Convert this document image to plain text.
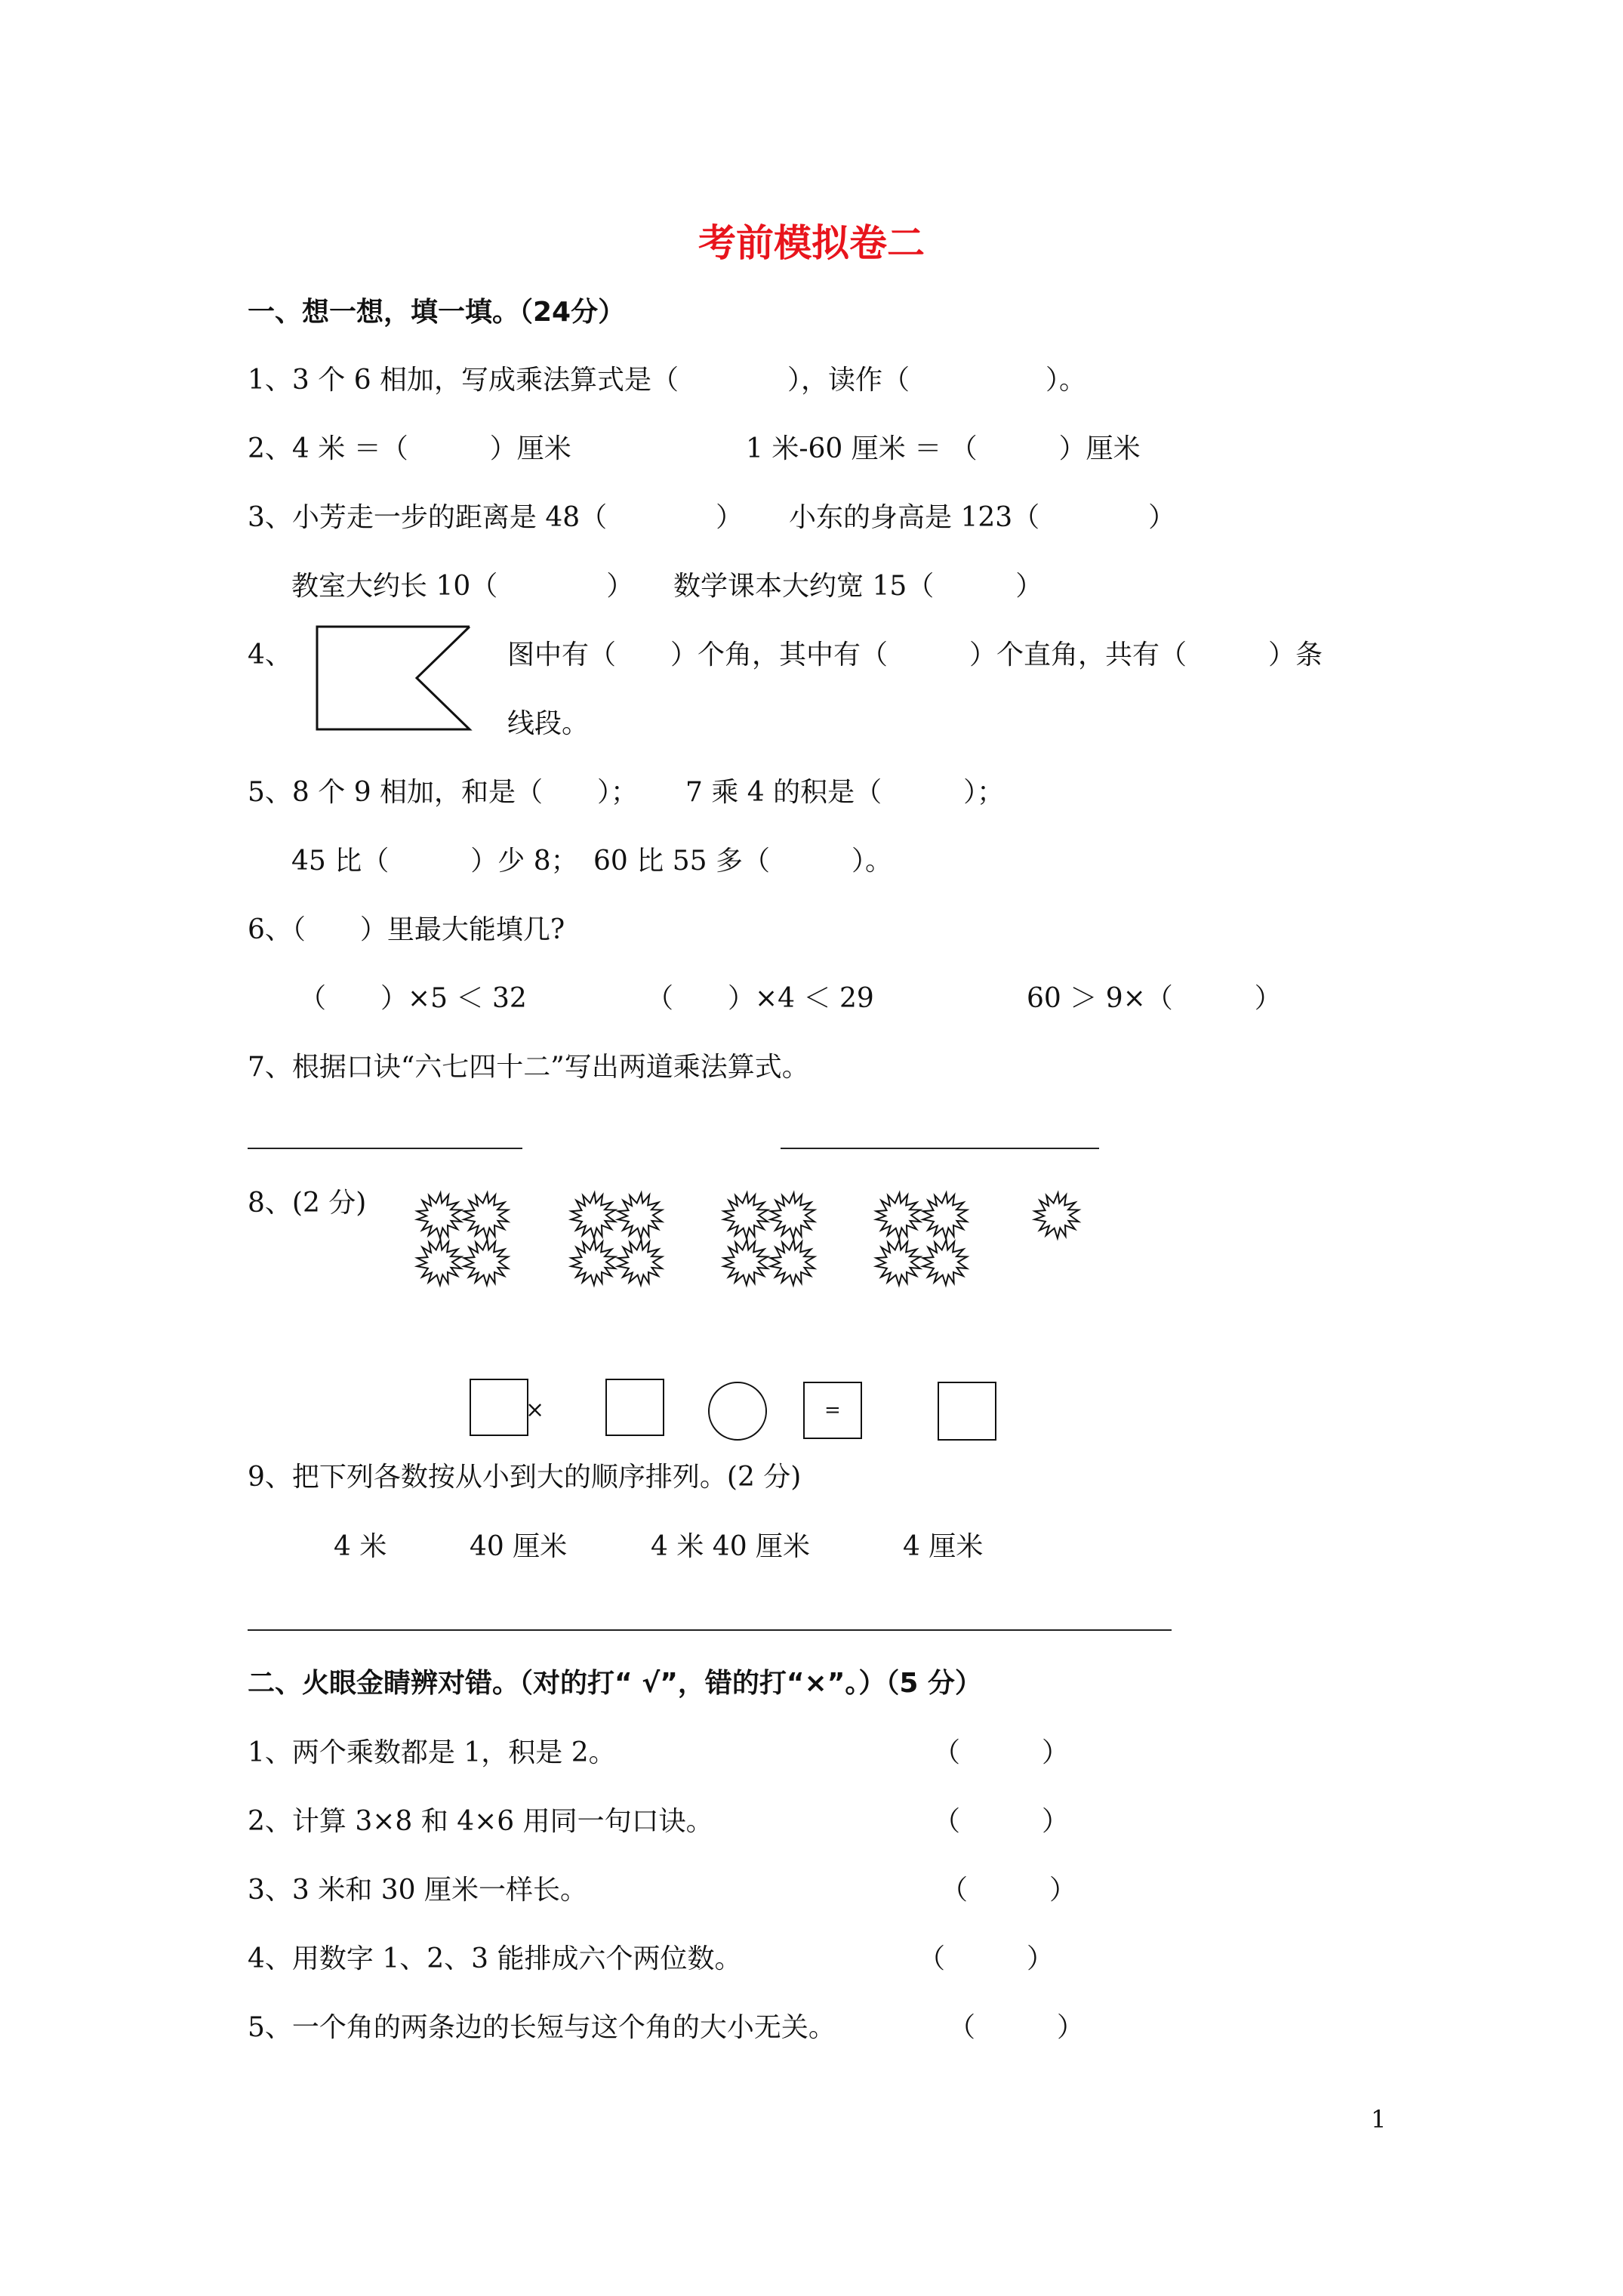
考前模拟卷二
一、想一想，填一填。（24分）
1、3 个 6 相加，写成乘法算式是（　　　　），读作（　　　　　）。
2、4 米 ＝（　　　）厘米	1 米-60 厘米 ＝ （　　　）厘米
3、小芳走一步的距离是 48（　　　　） 小东的身高是 123（　　　　）
教室大约长 10（　　　　） 数学课本大约宽 15（　　　）
4、	图中有（　　）个角，其中有（　　　）个直角，共有（　　　）条
线段。
5、8 个 9 相加，和是（　　）； 7 乘 4 的积是（　　　）；
45 比（　　　）少 8； 60 比 55 多（　　　）。
6、（　　）里最大能填几?
（　　）×5 ＜ 32	（　　）×4 ＜ 29	60 ＞ 9×（　　　）
7、根据口诀“六七四十二”写出两道乘法算式。
8、(2 分)
×	=
9、把下列各数按从小到大的顺序排列。(2 分)
4 米	40 厘米	4 米 40 厘米	4 厘米
二、火眼金睛辨对错。（对的打“ √”，错的打“×”。）（5 分）
1、两个乘数都是 1，积是 2。	（　　　）
2、计算 3×8 和 4×6 用同一句口诀。	（　　　）
3、3 米和 30 厘米一样长。	（　　　）
4、用数字 1、2、3 能排成六个两位数。	（　　　）
5、一个角的两条边的长短与这个角的大小无关。	（　　　）
1
